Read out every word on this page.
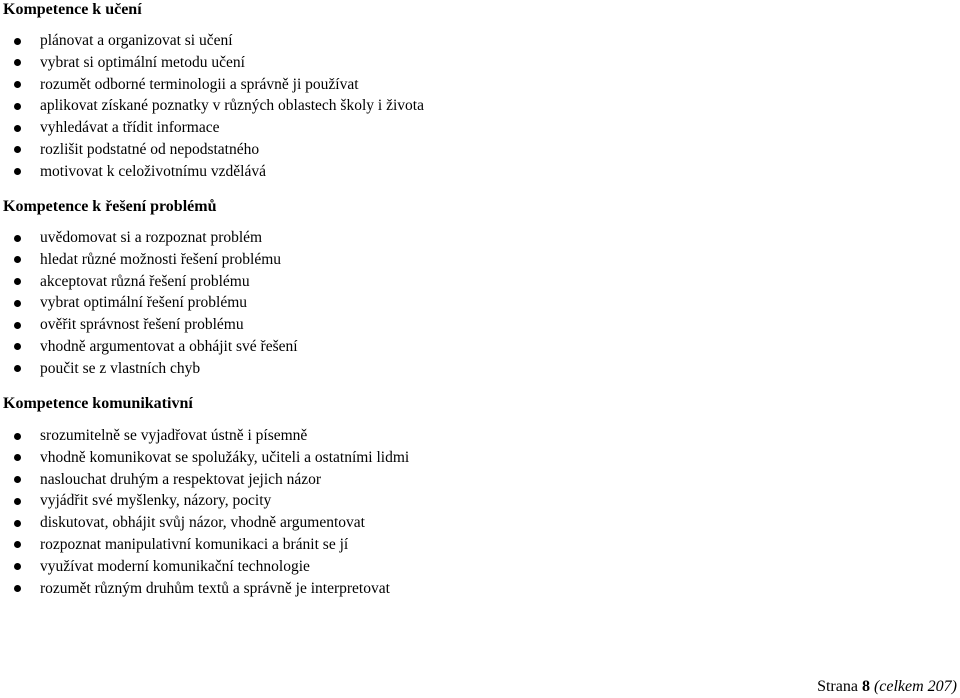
Kompetence k učení
plánovat a organizovat si učení
vybrat si optimální metodu učení
rozumět odborné terminologii a správně ji používat
aplikovat získané poznatky v různých oblastech školy i života
vyhledávat a třídit informace
rozlišit podstatné od nepodstatného
motivovat k celoživotnímu vzdělává
Kompetence k řešení problémů
uvědomovat si a rozpoznat problém
hledat různé možnosti řešení problému
akceptovat různá řešení problému
vybrat optimální řešení problému
ověřit správnost řešení problému
vhodně argumentovat a obhájit své řešení
poučit se z vlastních chyb
Kompetence komunikativní
srozumitelně se vyjadřovat ústně i písemně
vhodně komunikovat se spolužáky, učiteli a ostatními lidmi
naslouchat druhým a respektovat jejich názor
vyjádřit své myšlenky, názory, pocity
diskutovat, obhájit svůj názor, vhodně argumentovat
rozpoznat manipulativní komunikaci a bránit se jí
využívat moderní komunikační technologie
rozumět různým druhům textů a správně je interpretovat
Strana 8 (celkem 207)
